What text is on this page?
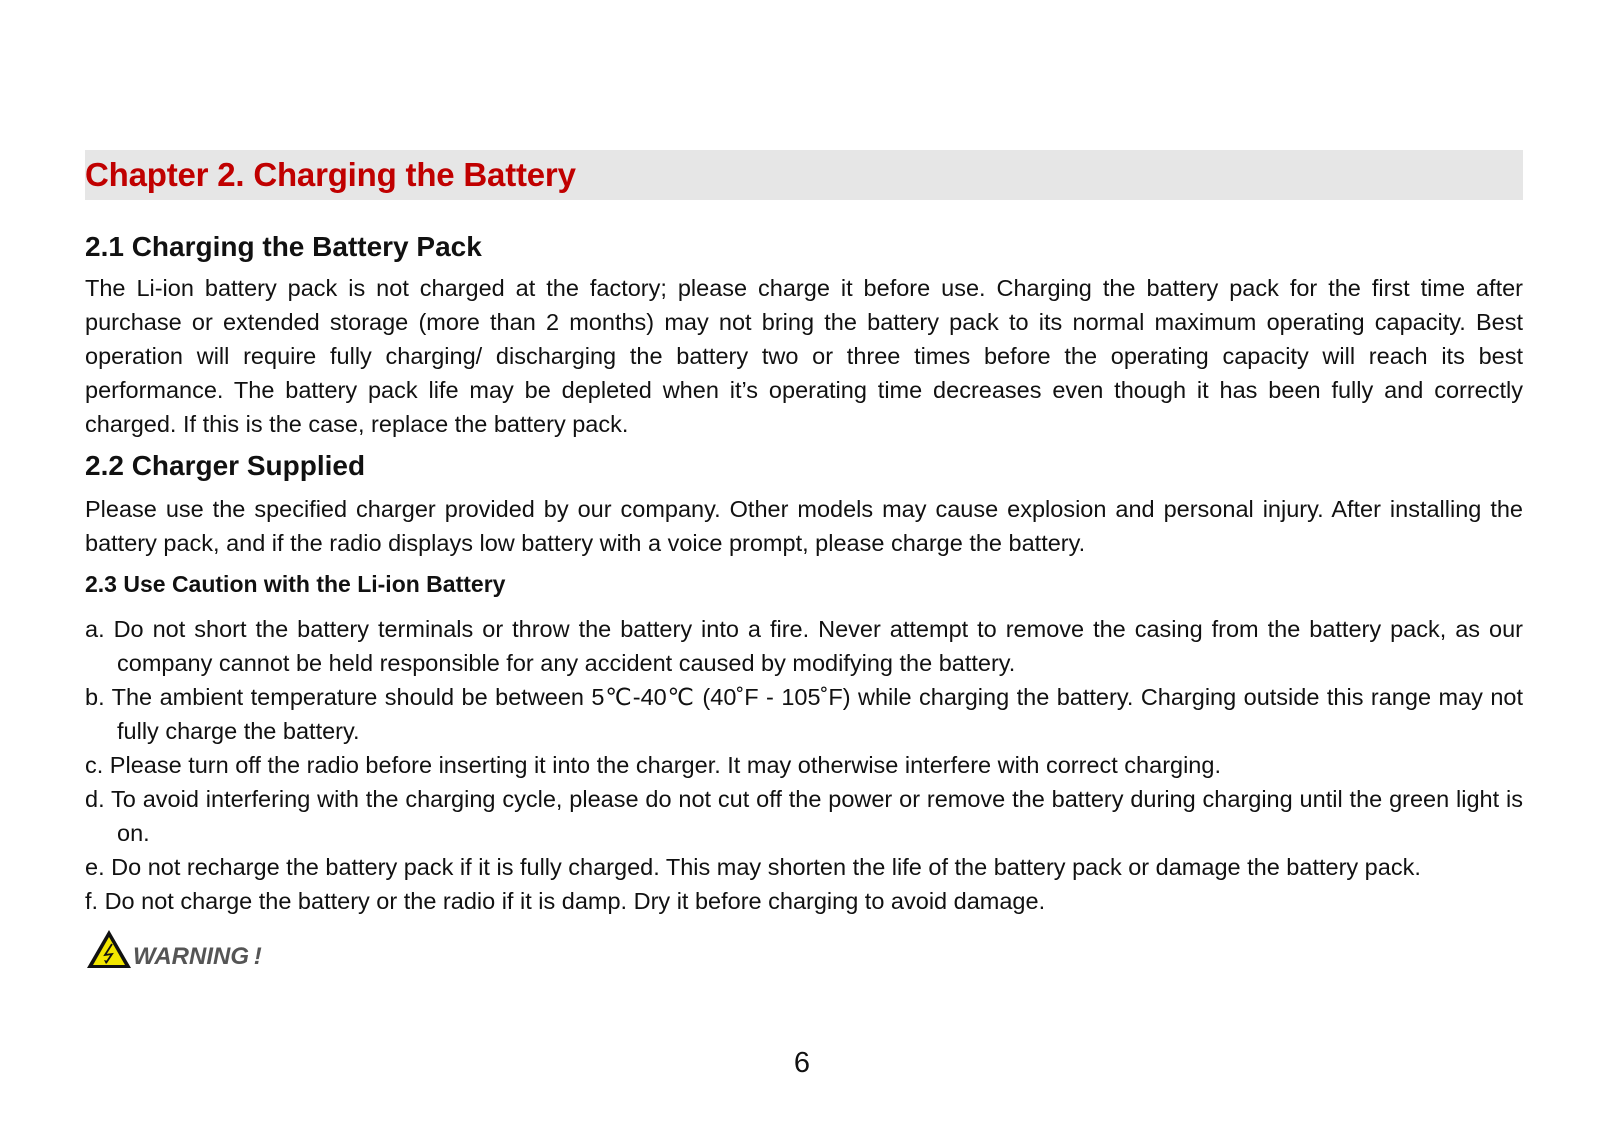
Chapter 2. Charging the Battery
2.1 Charging the Battery Pack

The Li-ion battery pack is not charged at the factory; please charge it before use. Charging the battery pack for the first time after purchase or extended storage (more than 2 months) may not bring the battery pack to its normal maximum operating capacity. Best operation will require fully charging/ discharging the battery two or three times before the operating capacity will reach its best performance. The battery pack life may be depleted when it’s operating time decreases even though it has been fully and correctly charged. If this is the case, replace the battery pack.

2.2 Charger Supplied

Please use the specified charger provided by our company. Other models may cause explosion and personal injury. After installing the battery pack, and if the radio displays low battery with a voice prompt, please charge the battery.

2.3 Use Caution with the Li-ion Battery
a. Do not short the battery terminals or throw the battery into a fire. Never attempt to remove the casing from the battery pack, as our company cannot be held responsible for any accident caused by modifying the battery.
b. The ambient temperature should be between 5℃-40℃ (40˚F - 105˚F) while charging the battery. Charging outside this range may not fully charge the battery.
c. Please turn off the radio before inserting it into the charger. It may otherwise interfere with correct charging.
d. To avoid interfering with the charging cycle, please do not cut off the power or remove the battery during charging until the green light is on.
e. Do not recharge the battery pack if it is fully charged. This may shorten the life of the battery pack or damage the battery pack.
f. Do not charge the battery or the radio if it is damp. Dry it before charging to avoid damage.
WARNING !
6
